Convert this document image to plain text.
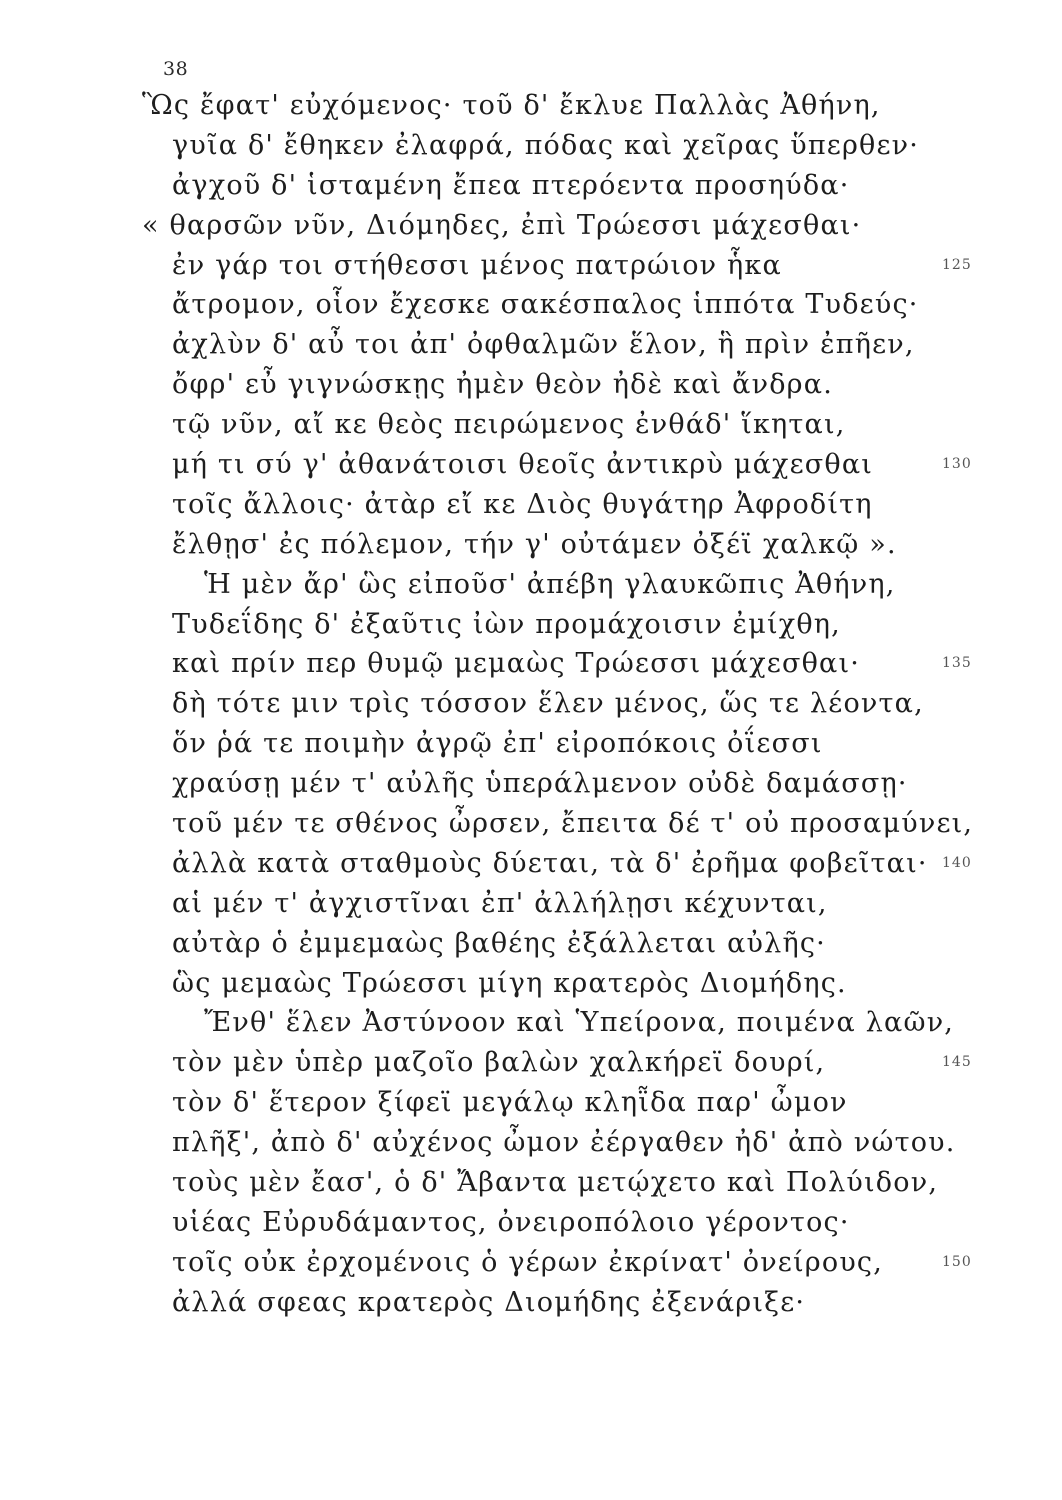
38
Ὣς ἔφατ' εὐχόμενος· τοῦ δ' ἔκλυε Παλλὰς Ἀθήνη,
γυῖα δ' ἔθηκεν ἐλαφρά, πόδας καὶ χεῖρας ὕπερθεν·
ἀγχοῦ δ' ἱσταμένη ἔπεα πτερόεντα προσηύδα·
« θαρσῶν νῦν, Διόμηδες, ἐπὶ Τρώεσσι μάχεσθαι·
ἐν γάρ τοι στήθεσσι μένος πατρώιον ἧκα	125
ἄτρομον, οἷον ἔχεσκε σακέσπαλος ἱππότα Τυδεύς·
ἀχλὺν δ' αὖ τοι ἀπ' ὀφθαλμῶν ἕλον, ἣ πρὶν ἐπῆεν,
ὄφρ' εὖ γιγνώσκῃς ἠμὲν θεὸν ἠδὲ καὶ ἄνδρα.
τῷ νῦν, αἴ κε θεὸς πειρώμενος ἐνθάδ' ἵκηται,
μή τι σύ γ' ἀθανάτοισι θεοῖς ἀντικρὺ μάχεσθαι	130
τοῖς ἄλλοις· ἀτὰρ εἴ κε Διὸς θυγάτηρ Ἀφροδίτη
ἔλθῃσ' ἐς πόλεμον, τήν γ' οὐτάμεν ὀξέϊ χαλκῷ ».
Ἡ μὲν ἄρ' ὣς εἰποῦσ' ἀπέβη γλαυκῶπις Ἀθήνη,
Τυδεΐδης δ' ἐξαῦτις ἰὼν προμάχοισιν ἐμίχθη,
καὶ πρίν περ θυμῷ μεμαὼς Τρώεσσι μάχεσθαι·	135
δὴ τότε μιν τρὶς τόσσον ἕλεν μένος, ὥς τε λέοντα,
ὅν ῥά τε ποιμὴν ἀγρῷ ἐπ' εἰροπόκοις ὀΐεσσι
χραύσῃ μέν τ' αὐλῆς ὑπεράλμενον οὐδὲ δαμάσσῃ·
τοῦ μέν τε σθένος ὦρσεν, ἔπειτα δέ τ' οὐ προσαμύνει,
ἀλλὰ κατὰ σταθμοὺς δύεται, τὰ δ' ἐρῆμα φοβεῖται· 140
αἱ μέν τ' ἀγχιστῖναι ἐπ' ἀλλήλῃσι κέχυνται,
αὐτὰρ ὁ ἐμμεμαὼς βαθέης ἐξάλλεται αὐλῆς·
ὣς μεμαὼς Τρώεσσι μίγη κρατερὸς Διομήδης.
Ἔνθ' ἕλεν Ἀστύνοον καὶ Ὑπείρονα, ποιμένα λαῶν,
τὸν μὲν ὑπὲρ μαζοῖο βαλὼν χαλκήρεϊ δουρί,	145
τὸν δ' ἕτερον ξίφεϊ μεγάλῳ κληῗδα παρ' ὦμον
πλῆξ', ἀπὸ δ' αὐχένος ὦμον ἐέργαθεν ἠδ' ἀπὸ νώτου.
τοὺς μὲν ἔασ', ὁ δ' Ἄβαντα μετῴχετο καὶ Πολύιδον,
υἱέας Εὐρυδάμαντος, ὀνειροπόλοιο γέροντος·
τοῖς οὐκ ἐρχομένοις ὁ γέρων ἐκρίνατ' ὀνείρους,	150
ἀλλά σφεας κρατερὸς Διομήδης ἐξενάριξε·
